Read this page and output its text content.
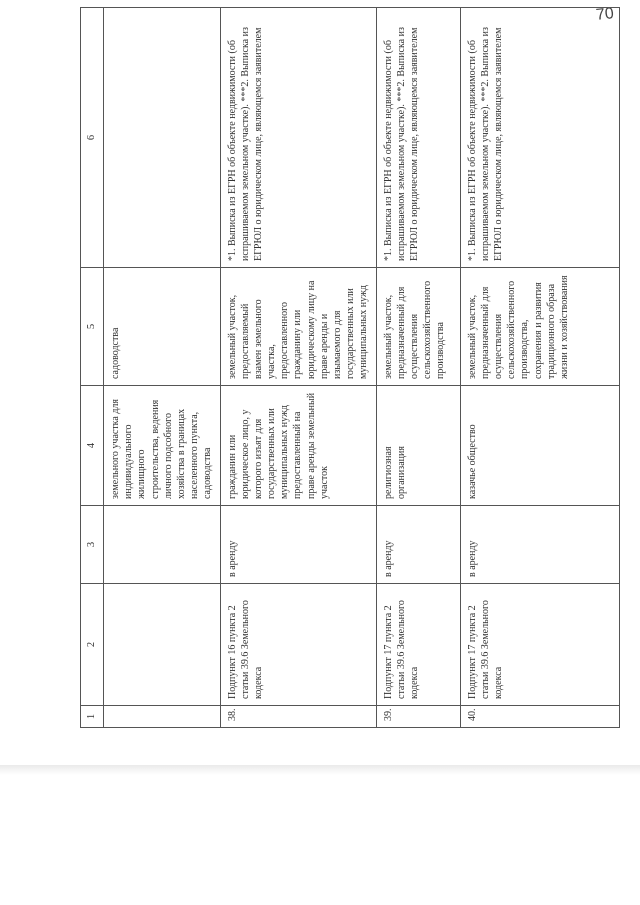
70
1	2	3	4	5	6
			земельного участка для индивидуального жилищного строительства, ведения личного подсобного хозяйства в границах населенного пункта, садоводства	садоводства	
38.	Подпункт 16 пункта 2 статьи 39.6 Земельного кодекса	в аренду	гражданин или юридическое лицо, у которого изъят для государственных или муниципальных нужд предоставленный на праве аренды земельный участок	земельный участок, предоставляемый взамен земельного участка, предоставленного гражданину или юридическому лицу на праве аренды и изымаемого для государственных или муниципальных нужд	*1. Выписка из ЕГРН об объекте недвижимости (об испрашиваемом земельном участке). ***2. Выписка из ЕГРЮЛ о юридическом лице, являющемся заявителем
39.	Подпункт 17 пункта 2 статьи 39.6 Земельного кодекса	в аренду	религиозная организация	земельный участок, предназначенный для осуществления сельскохозяйственного производства	*1. Выписка из ЕГРН об объекте недвижимости (об испрашиваемом земельном участке). ***2. Выписка из ЕГРЮЛ о юридическом лице, являющемся заявителем
40.	Подпункт 17 пункта 2 статьи 39.6 Земельного кодекса	в аренду	казачье общество	земельный участок, предназначенный для осуществления сельскохозяйственного производства, сохранения и развития традиционного образа жизни и хозяйствования	*1. Выписка из ЕГРН об объекте недвижимости (об испрашиваемом земельном участке). ***2. Выписка из ЕГРЮЛ о юридическом лице, являющемся заявителем
